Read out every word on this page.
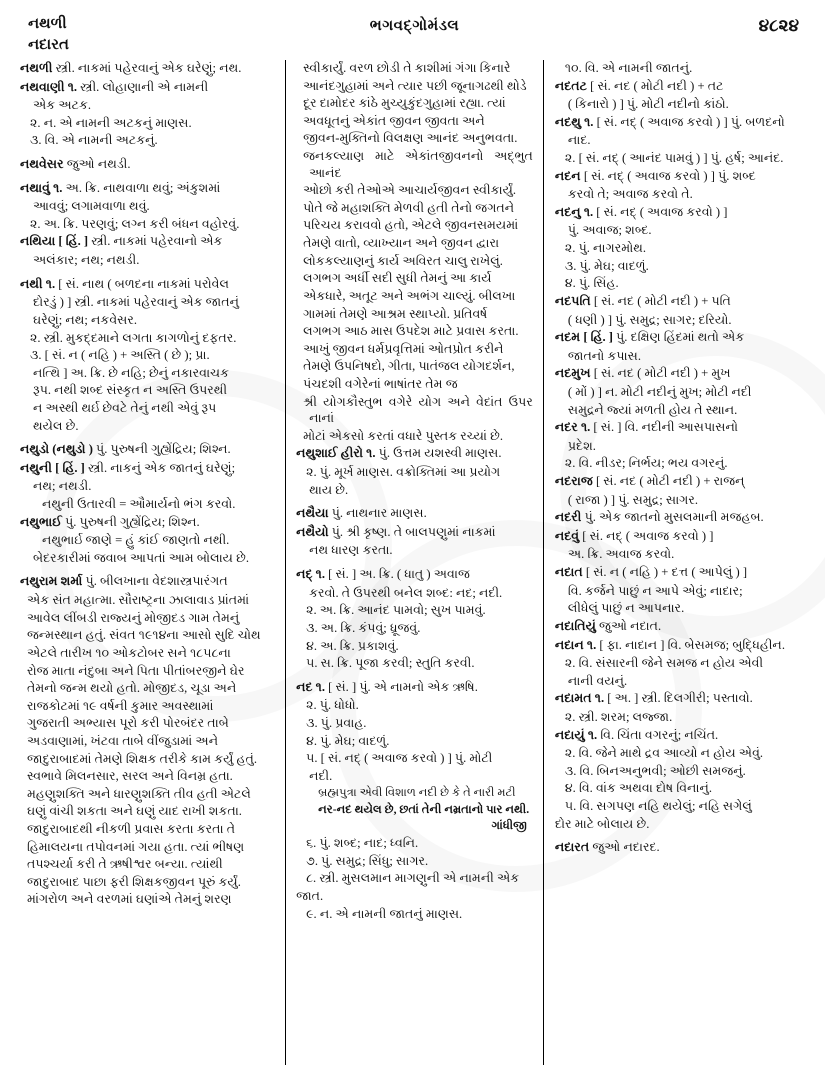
નથળી
નદારત
ભગવદ્‌ગોમંડલ	૪૮૨૪

નથળી સ્ત્રી. નાકમાં પહેરવાનું એક ઘરેણું; નથ.

નથવાણી ૧. સ્ત્રી. લોહાણાની એ નામની

એક અટક.

૨. ન. એ નામની અટકનું માણસ.

૩. વિ. એ નામની અટકનું.

નથવેસર જુઓ નથડી.

નથાવું ૧. અ. ક્રિ. નાથવાળા થવું; અંકુશમાં

આવવું; લગામવાળા થવું.

૨. અ. ક્રિ. પરણવું; લગ્ન કરી બંધન વહોરવું.

નથિયા [ હિં. ] સ્ત્રી. નાકમાં પહેરવાનો એક

અલંકાર; નથ; નથડી.

નથી ૧. [ સં. નાથ ( બળદના નાકમાં પરોવેલ

દોરડું ) ] સ્ત્રી. નાકમાં પહેરવાનું એક જાતનું

ઘરેણું; નથ; નકવેસર.

૨. સ્ત્રી. મુકદ્દમાને લગતા કાગળોનું દફતર.

૩. [ સં. ન ( નહિ ) + અસ્તિ ( છે ); પ્રા.

નત્થિ ] અ. ક્રિ. છે નહિ; છેનું નકારવાચક

રૂપ. નથી શબ્દ સંસ્કૃત ન અસ્તિ ઉપરથી

ન અસ્થી થર્ઇ છેવટે તેનું નથી એવું રૂપ

થયેલ છે.

નથુડો (નથુડો ) પું. પુરુષની ગુહ્યેંદ્રિય; શિશ્ન.

નથુની [ હિં. ] સ્ત્રી. નાકનું એક જાતનું ઘરેણું;

નથ; નથડી.

નથુની ઉતારવી = ઔમાર્યનો ભંગ કરવો.

નથુભાઈ પું. પુરુષની ગુહ્યેંદ્રિય; શિશ્ન.

નથુભાર્ઇ જાણે = હું કાંઈ જાણતો નથી.

બેદરકારીમાં જવાબ આપતાં આમ બોલાય છે.

નથુરામ શર્મા પું. બીલખાના વેદશાસ્ત્રપારંગત

એક સંત મહાત્મા. સૌરાષ્ટ્રના ઝાલાવાડ પ્રાંતમાં

આવેલ લીંબડી રાજ્યનું મોજીદડ ગામ તેમનું

જન્મસ્થાન હતું. સંવત ૧૯૧૪ના આસો સુદિ ચોથ

એટલે તારીખ ૧૦ ઓકટોબર સને ૧૮૫૮ના

રોજ માતા નંદુબા અને પિતા પીતાંબરજીને ઘેર

તેમનો જન્મ થયો હતો. મોજીદડ, ચૂડા અને

રાજકોટમાં ૧૯ વર્ષની કુમાર અવસ્થામાં

ગુજરાતી અભ્યાસ પૂરો કરી પોરબંદર તાબે

અડવાણામાં, ખંટવા તાબે વીંજુડામાં અને

જાદુરાબાદમાં તેમણે શિક્ષક તરીકે કામ કર્યું હતું.

સ્વભાવે મિલનસાર, સરલ અને વિનમ્ર હતા.

મહણુશક્તિ અને ધારણુશક્તિ તીવ હતી એટલે

ઘણું વાંચી શકતા અને ઘણું યાદ રાખી શકતા.

જાદુરાબાદથી નીકળી પ્રવાસ કરતા કરતા તે

હિમાલયના તપોવનમાં ગયા હતા. ત્યાં ભીષણ

તપશ્ચર્યા કરી તે ઋષીશ્વર બન્યા. ત્યાંથી

જાદુરાબાદ પાછા ફરી શિક્ષકજીવન પૂરું કર્યું.

માંગરોળ અને વરળમાં ઘણાંએ તેમનું શરણ

સ્વીકાર્યું. વરળ છોડી તે કાશીમાં ગંગા કિનારે

આનંદગુહામાં અને ત્યાર પછી જૂનાગઢથી થોડે

દૂર દામોદર કાંઠે મુચ્યુકુંદગુહામાં રહ્યા. ત્યાં

અવધૂતનું એકાંત જીવન જીવતા અને

જીવન-મુક્તિનો વિલક્ષણ આનંદ અનુભવતા.

જનકલ્યાણ માટે એકાંતજીવનનો અદ્‌ભુત આનંદ

ઓછો કરી તેઓએ આચાર્યજીવન સ્વીકાર્યું.

પોતે જે મહાશક્તિ મેળવી હતી તેનો જગતને

પરિચય કરાવવો હતો, એટલે જીવનસમયમાં

તેમણે વાતો, વ્યાખ્યાન અને જીવન દ્વારા

લોકકલ્યાણનું કાર્ય અવિરત ચાલુ રાખેલું.

લગભગ અર્ધી સદી સુધી તેમનું આ કાર્ય

એકધારે, અતૂટ અને અભંગ ચાલ્યું. બીલખા

ગામમાં તેમણે આશ્રમ સ્થાપ્યો. પ્રતિવર્ષ

લગભગ આઠ માસ ઉપદેશ માટે પ્રવાસ કરતા.

આખું જીવન ધર્મપ્રવૃત્તિમાં ઓતપ્રોત કરીને

તેમણે ઉપનિષદો, ગીતા, પાતંજલ યોગદર્શન,

પંચદશી વગેરેનાં ભાષાંતર તેમ જ

શ્રી યોગકૌસ્તુભ વગેરે યોગ અને વેદાંત ઉપર નાનાં

મોટાં એકસો કરતાં વધારે પુસ્તક રચ્યાં છે.

નથુશાઈ હીરો ૧. પું. ઉત્તમ યશસ્વી માણસ.

૨. પું. મૂર્ખ માણસ. વક્રોક્તિમાં આ પ્રયોગ

થાય છે.

નથૈયા પું. નાથનાર માણસ.

નથૈયો પું. શ્રી કૃષ્ણ. તે બાલપણુમાં નાકમાં

નથ ધારણ કરતા.

નદ્ ૧. [ સં. ] અ. ક્રિ. ( ધાતુ ) અવાજ

કરવો. તે ઉપરથી બનેલ શબ્દ: નદ; નદી.

૨. અ. ક્રિ. આનંદ પામવો; સુખ પામવું.

૩. અ. ક્રિ. કંપવું; ધ્રૂજવું.

૪. અ. ક્રિ. પ્રકાશવું.

૫. સ. ક્રિ. પૂજા કરવી; સ્તુતિ કરવી.

નદ ૧. [ સં. ] પું. એ નામનો એક ઋષિ.

૨. પું. ધોધો.

૩. પું. પ્રવાહ.

૪. પું. મેઘ; વાદળું.

૫. [ સં. નદ્ ( અવાજ કરવો ) ] પું. મોટી

નદી.

બ્રહ્મપુત્રા એવી વિશાળ નદી છે કે તે નારી મટી

નર-નદ થયેલ છે, છતાં તેની નમ્રતાનો પાર નથી.

ગાંધીજી

૬. પું. શબ્દ; નાદ; ધ્વનિ.

૭. પું. સમુદ્ર; સિંધુ; સાગર.

૮. સ્ત્રી. મુસલમાન માગણુની એ નામની એક

જાત.

૯. ન. એ નામની જાતનું માણસ.

૧૦. વિ. એ નામની જાતનું.

નદતટ [ સં. નદ ( મોટી નદી ) + તટ

( કિનારો ) ] પું. મોટી નદીનો કાંઠો.

નદથુ ૧. [ સં. નદ્ ( અવાજ કરવો ) ] પું. બળદનો

નાદ.

૨. [ સં. નદ્ ( આનંદ પામવું ) ] પું. હર્ષ; આનંદ.

નદન [ સં. નદ્ ( અવાજ કરવો ) ] પું. શબ્દ

કરવો તે; અવાજ કરવો તે.

નદનુ ૧. [ સં. નદ્ ( અવાજ કરવો ) ]

પું. અવાજ; શબ્દ.

૨. પું. નાગરમોથ.

૩. પું. મેઘ; વાદળું.

૪. પું. સિંહ.

નદપતિ [ સં. નદ ( મોટી નદી ) + પતિ

( ધણી ) ] પું. સમુદ્ર; સાગર; દરિયો.

નદમ [ હિં. ] પું. દક્ષિણ હિંદમાં થતો એક

જાતનો કપાસ.

નદમુખ [ સં. નદ ( મોટી નદી ) + મુખ

( મોં ) ] ન. મોટી નદીનું મુખ; મોટી નદી

સમુદ્રને જ્યાં મળતી હોય તે સ્થાન.

નદર ૧. [ સં. ] વિ. નદીની આસપાસનો

પ્રદેશ.

૨. વિ. નીડર; નિર્ભય; ભય વગરનું.

નદરાજ [ સં. નદ ( મોટી નદી ) + રાજન્

( રાજા ) ] પું. સમુદ્ર; સાગર.

નદરી પું. એક જાતનો મુસલમાની મજહબ.

નદવું [ સં. નદ્ ( અવાજ કરવો ) ]

અ. ક્રિ. અવાજ કરવો.

નદાત [ સં. ન ( નહિ ) + દત્ત ( આપેલું ) ]

વિ. કર્જને પાછું ન આપે એવું; નાદાર;

લીધેલું પાછું ન આપનાર.

નદાતિયું જુઓ નદાત.

નદાન ૧. [ ફા. નાદાન ] વિ. બેસમજ; બુદ્ધિહીન.

૨. વિ. સંસારની જેને સમજ ન હોય એવી

નાની વયનું.

નદામત ૧. [ અ. ] સ્ત્રી. દિલગીરી; પસ્તાવો.

૨. સ્ત્રી. શરમ; લજ્જા.

નદાયું ૧. વિ. ચિંતા વગરનું; નચિંત.

૨. વિ. જેને માથે દ્રવ આવ્યો ન હોય એવું.

૩. વિ. બિનઅનુભવી; ઓછી સમજનું.

૪. વિ. વાંક અથવા દોષ વિનાનું.

૫. વિ. સગપણ નહિ થયેલું; નહિ સગેલું

દોર માટે બોલાય છે.

નદારત જુઓ નદારદ.
